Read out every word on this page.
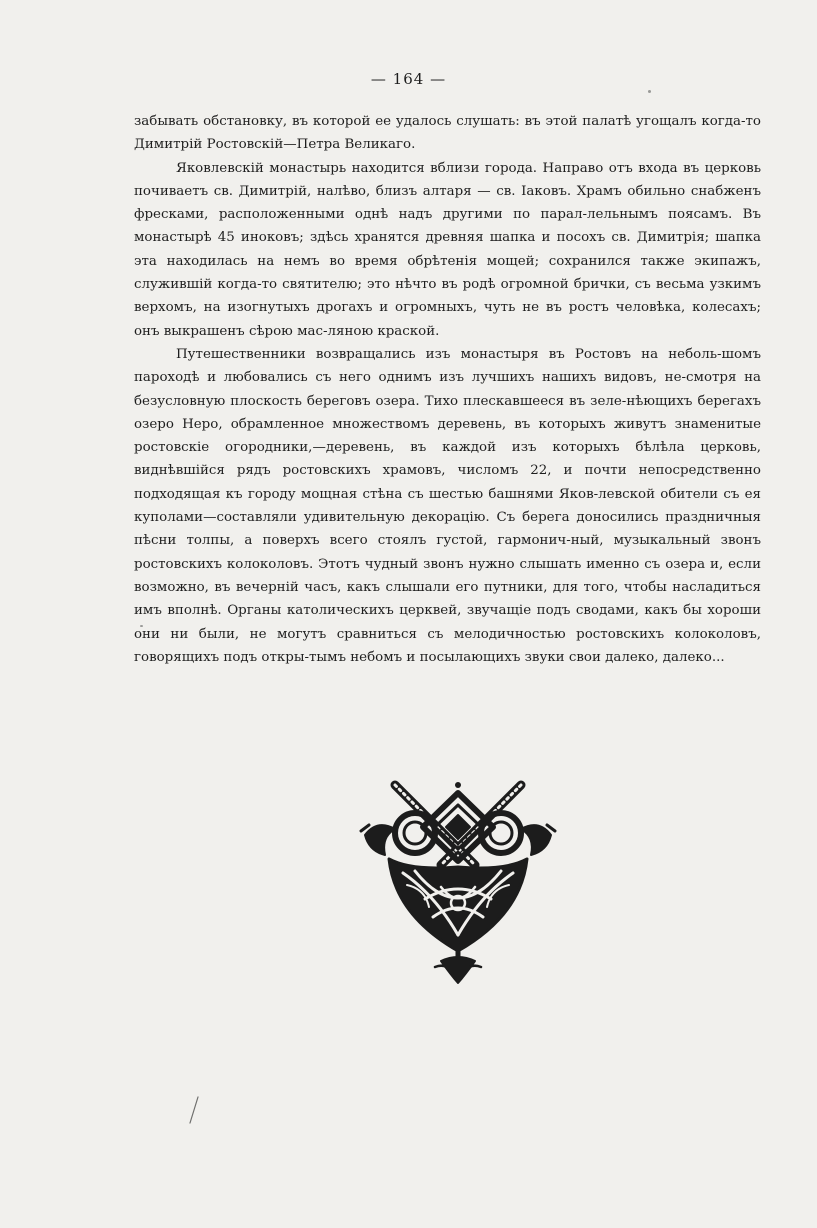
— 164 —

забывать обстановку, въ которой ее удалось слушать: въ этой палатѣ угощалъ когда-то Димитрій Ростовскій—Петра Великаго.

Яковлевскій монастырь находится вблизи города. Направо отъ входа въ церковь почиваетъ св. Димитрій, налѣво, близъ алтаря — св. Іаковъ. Храмъ обильно снабженъ фресками, расположенными однѣ надъ другими по парал-лельнымъ поясамъ. Въ монастырѣ 45 иноковъ; здѣсь хранятся древняя шапка и посохъ св. Димитрія; шапка эта находилась на немъ во время обрѣтенія мощей; сохранился также экипажъ, служившій когда-то святителю; это нѣчто въ родѣ огромной брички, съ весьма узкимъ верхомъ, на изогнутыхъ дрогахъ и огромныхъ, чуть не въ ростъ человѣка, колесахъ; онъ выкрашенъ сѣрою мас-ляною краской.

Путешественники возвращались изъ монастыря въ Ростовъ на неболь-шомъ пароходѣ и любовались съ него однимъ изъ лучшихъ нашихъ видовъ, не-смотря на безусловную плоскость береговъ озера. Тихо плескавшееся въ зеле-нѣющихъ берегахъ озеро Неро, обрамленное множествомъ деревень, въ которыхъ живутъ знаменитые ростовскіе огородники,—деревень, въ каждой изъ которыхъ бѣлѣла церковь, виднѣвшійся рядъ ростовскихъ храмовъ, числомъ 22, и почти непосредственно подходящая къ городу мощная стѣна съ шестью башнями Яков-левской обители съ ея куполами—составляли удивительную декорацію. Съ берега доносились праздничныя пѣсни толпы, а поверхъ всего стоялъ густой, гармонич-ный, музыкальный звонъ ростовскихъ колоколовъ. Этотъ чудный звонъ нужно слышать именно съ озера и, если возможно, въ вечерній часъ, какъ слышали его путники, для того, чтобы насладиться имъ вполнѣ. Органы католическихъ церквей, звучащіе подъ сводами, какъ бы хороши они ни были, не могутъ сравниться съ мелодичностью ростовскихъ колоколовъ, говорящихъ подъ откры-тымъ небомъ и посылающихъ звуки свои далеко, далеко...
